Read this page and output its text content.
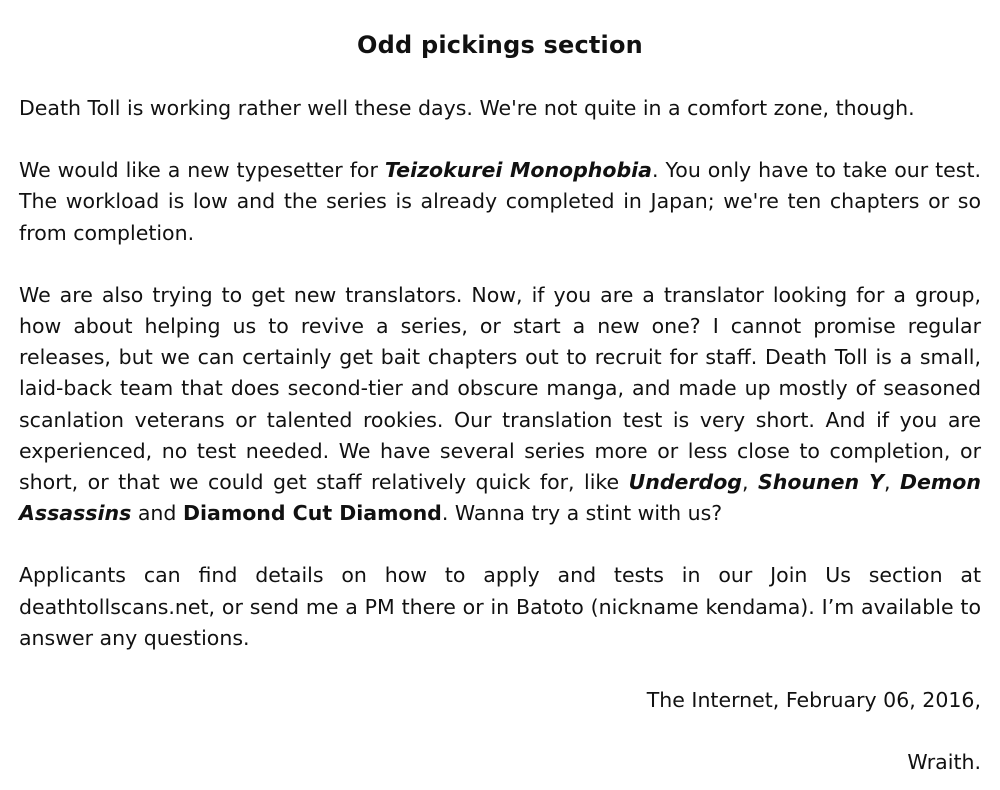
Odd pickings section

Death Toll is working rather well these days. We're not quite in a comfort zone, though.

We would like a new typesetter for Teizokurei Monophobia. You only have to take our test. The workload is low and the series is already completed in Japan; we're ten chapters or so from completion.

We are also trying to get new translators. Now, if you are a translator looking for a group, how about helping us to revive a series, or start a new one? I cannot promise regular releases, but we can certainly get bait chapters out to recruit for staff. Death Toll is a small, laid-back team that does second-tier and obscure manga, and made up mostly of seasoned scanlation veterans or talented rookies. Our translation test is very short. And if you are experienced, no test needed. We have several series more or less close to completion, or short, or that we could get staff relatively quick for, like Underdog, Shounen Y, Demon Assassins and Diamond Cut Diamond. Wanna try a stint with us?

Applicants can find details on how to apply and tests in our Join Us section at deathtollscans.net, or send me a PM there or in Batoto (nickname kendama). I’m available to answer any questions.

The Internet, February 06, 2016,

Wraith.
